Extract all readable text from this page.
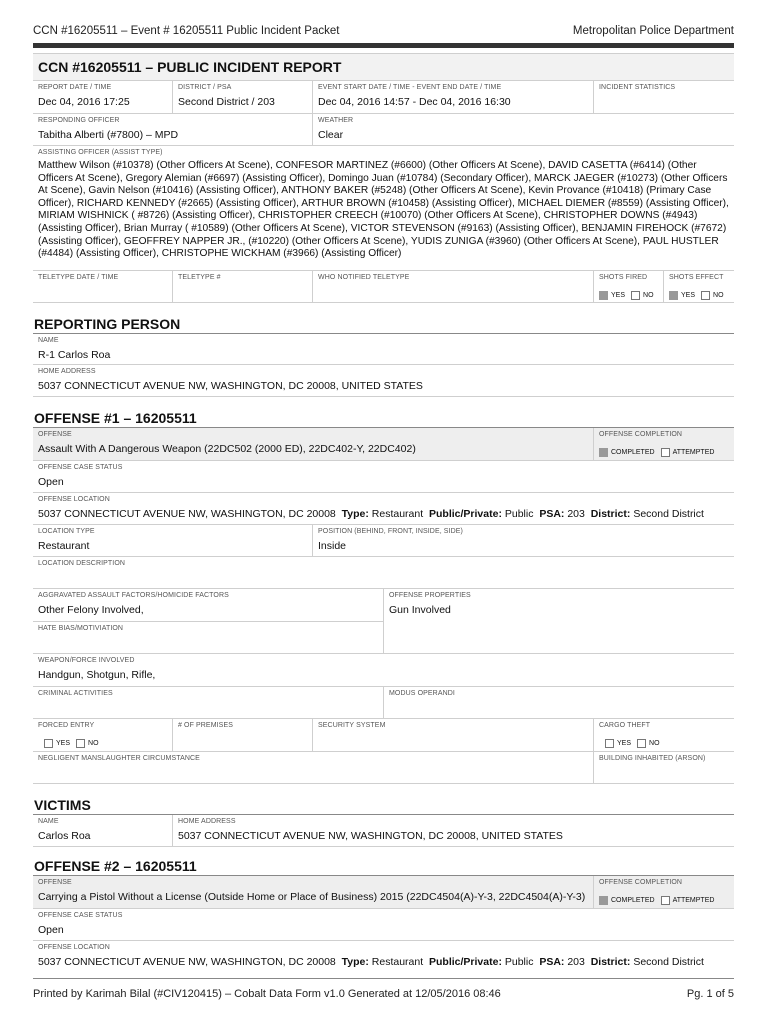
CCN #16205511 – Event # 16205511 Public Incident Packet	Metropolitan Police Department
CCN #16205511 – PUBLIC INCIDENT REPORT
REPORT DATE / TIME
Dec 04, 2016 17:25
DISTRICT / PSA
Second District / 203
EVENT START DATE / TIME - EVENT END DATE / TIME
Dec 04, 2016 14:57 - Dec 04, 2016 16:30
INCIDENT STATISTICS
RESPONDING OFFICER
Tabitha Alberti (#7800) – MPD
WEATHER
Clear
ASSISTING OFFICER (ASSIST TYPE)
Matthew Wilson (#10378) (Other Officers At Scene), CONFESOR MARTINEZ (#6600) (Other Officers At Scene), DAVID CASETTA (#6414) (Other Officers At Scene), Gregory Alemian (#6697) (Assisting Officer), Domingo Juan (#10784) (Secondary Officer), MARCK JAEGER (#10273) (Other Officers At Scene), Gavin Nelson (#10416) (Assisting Officer), ANTHONY BAKER (#5248) (Other Officers At Scene), Kevin Provance (#10418) (Primary Case Officer), RICHARD KENNEDY (#2665) (Assisting Officer), ARTHUR BROWN (#10458) (Assisting Officer), MICHAEL DIEMER (#8559) (Assisting Officer), MIRIAM WISHNICK ( #8726) (Assisting Officer), CHRISTOPHER CREECH (#10070) (Other Officers At Scene), CHRISTOPHER DOWNS (#4943) (Assisting Officer), Brian Murray ( #10589) (Other Officers At Scene), VICTOR STEVENSON (#9163) (Assisting Officer), BENJAMIN FIREHOCK (#7672) (Assisting Officer), GEOFFREY NAPPER JR., (#10220) (Other Officers At Scene), YUDIS ZUNIGA (#3960) (Other Officers At Scene), PAUL HUSTLER (#4484) (Assisting Officer), CHRISTOPHE WICKHAM (#3966) (Assisting Officer)
TELETYPE DATE / TIME	TELETYPE #	WHO NOTIFIED TELETYPE	SHOTS FIRED
YES	NO
SHOTS EFFECT
YES	NO
REPORTING PERSON
NAME
R-1 Carlos Roa
HOME ADDRESS
5037 CONNECTICUT AVENUE NW, WASHINGTON, DC 20008, UNITED STATES
OFFENSE #1 – 16205511
OFFENSE
Assault With A Dangerous Weapon (22DC502 (2000 ED), 22DC402-Y, 22DC402)
OFFENSE COMPLETION
COMPLETED	ATTEMPTED
OFFENSE CASE STATUS
Open
OFFENSE LOCATION
5037 CONNECTICUT AVENUE NW, WASHINGTON, DC 20008 Type: Restaurant Public/Private: Public PSA: 203 District: Second District
LOCATION TYPE
Restaurant
POSITION (BEHIND, FRONT, INSIDE, SIDE)
Inside
LOCATION DESCRIPTION
AGGRAVATED ASSAULT FACTORS/HOMICIDE FACTORS
Other Felony Involved,
HATE BIAS/MOTIVIATION
OFFENSE PROPERTIES
Gun Involved
WEAPON/FORCE INVOLVED
Handgun, Shotgun, Rifle,
CRIMINAL ACTIVITIES	MODUS OPERANDI
FORCED ENTRY
YES	NO
# OF PREMISES	SECURITY SYSTEM	CARGO THEFT
YES	NO
NEGLIGENT MANSLAUGHTER CIRCUMSTANCE	BUILDING INHABITED (ARSON)
VICTIMS
NAME
Carlos Roa
HOME ADDRESS
5037 CONNECTICUT AVENUE NW, WASHINGTON, DC 20008, UNITED STATES
OFFENSE #2 – 16205511
OFFENSE
Carrying a Pistol Without a License (Outside Home or Place of Business) 2015 (22DC4504(A)-Y-3, 22DC4504(A)-Y-3)
OFFENSE COMPLETION
COMPLETED	ATTEMPTED
OFFENSE CASE STATUS
Open
OFFENSE LOCATION
5037 CONNECTICUT AVENUE NW, WASHINGTON, DC 20008 Type: Restaurant Public/Private: Public PSA: 203 District: Second District
Printed by Karimah Bilal (#CIV120415) – Cobalt Data Form v1.0 Generated at 12/05/2016 08:46	Pg. 1 of 5
